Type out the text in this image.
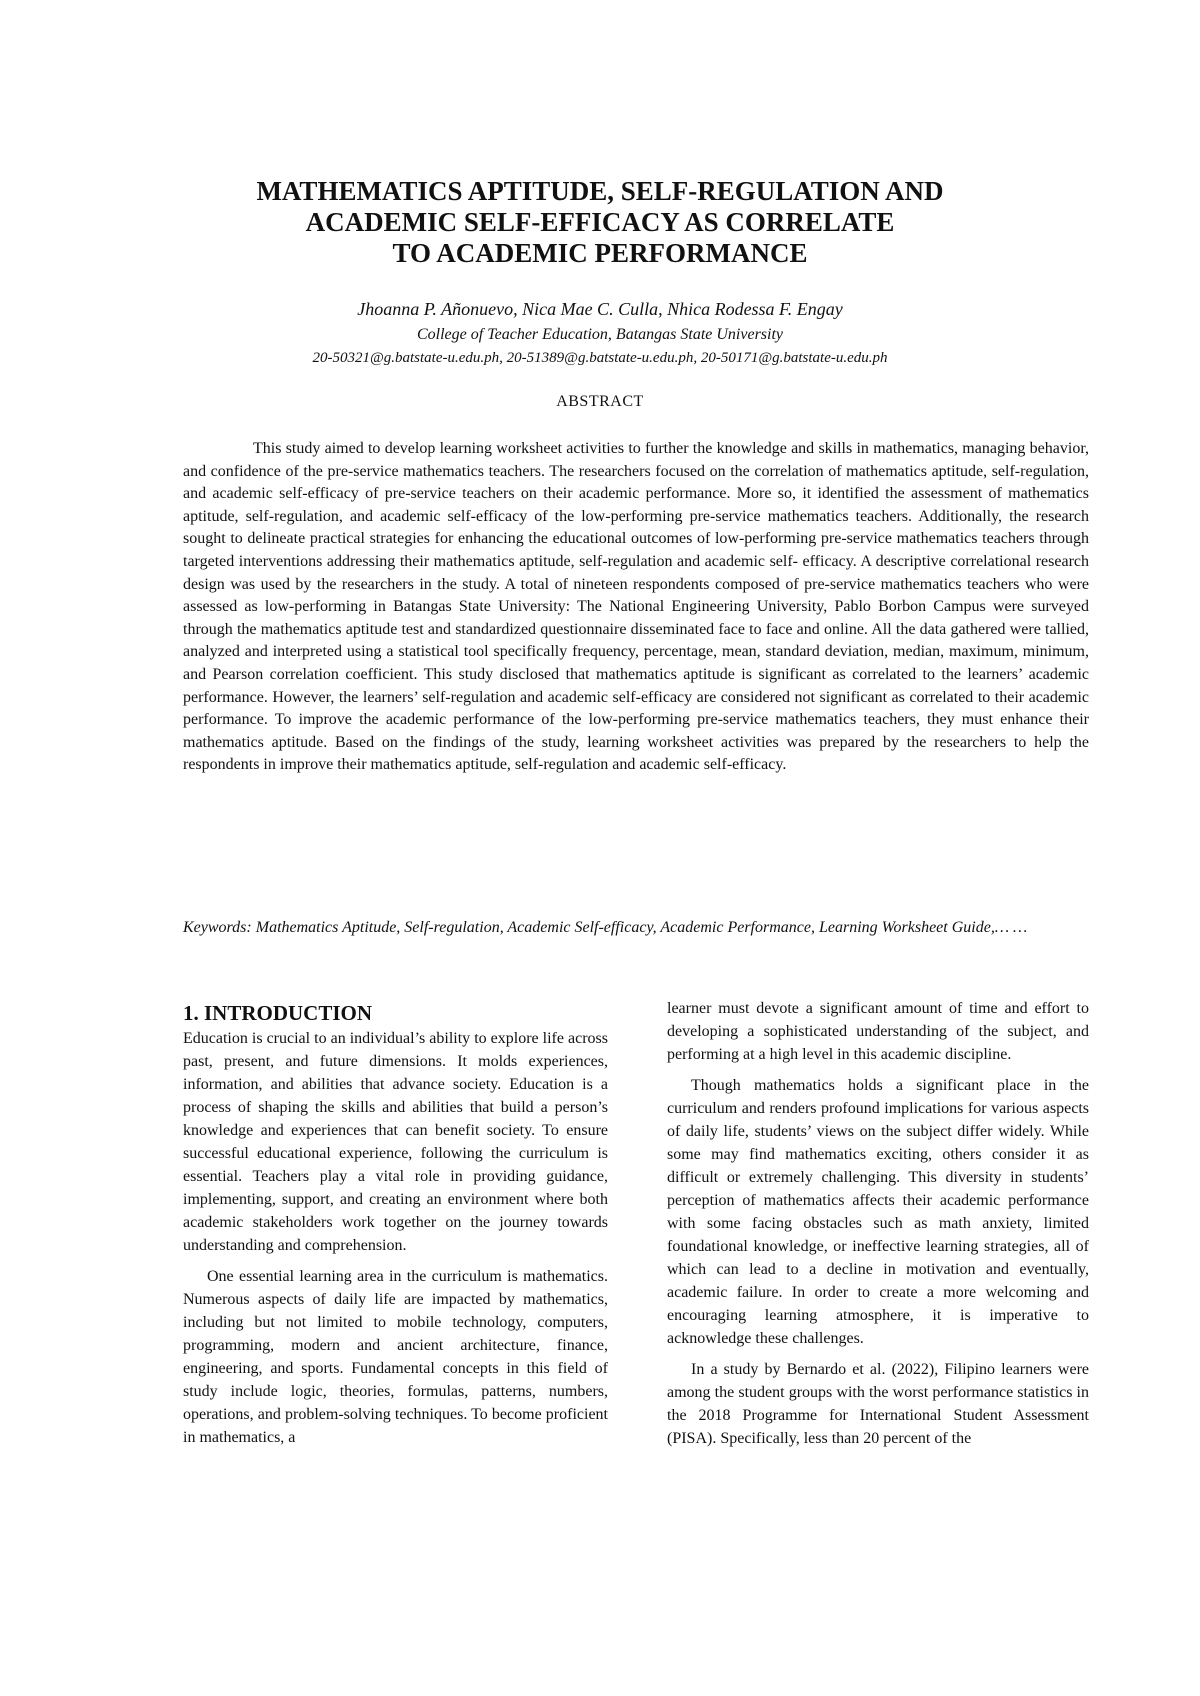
MATHEMATICS APTITUDE, SELF-REGULATION AND
ACADEMIC SELF-EFFICACY AS CORRELATE
TO ACADEMIC PERFORMANCE
Jhoanna P. Añonuevo, Nica Mae C. Culla, Nhica Rodessa F. Engay
College of Teacher Education, Batangas State University
20-50321@g.batstate-u.edu.ph, 20-51389@g.batstate-u.edu.ph, 20-50171@g.batstate-u.edu.ph
ABSTRACT

This study aimed to develop learning worksheet activities to further the knowledge and skills in mathematics, managing behavior, and confidence of the pre-service mathematics teachers. The researchers focused on the correlation of mathematics aptitude, self-regulation, and academic self-efficacy of pre-service teachers on their academic performance. More so, it identified the assessment of mathematics aptitude, self-regulation, and academic self-efficacy of the low-performing pre-service mathematics teachers. Additionally, the research sought to delineate practical strategies for enhancing the educational outcomes of low-performing pre-service mathematics teachers through targeted interventions addressing their mathematics aptitude, self-regulation and academic self- efficacy. A descriptive correlational research design was used by the researchers in the study. A total of nineteen respondents composed of pre-service mathematics teachers who were assessed as low-performing in Batangas State University: The National Engineering University, Pablo Borbon Campus were surveyed through the mathematics aptitude test and standardized questionnaire disseminated face to face and online. All the data gathered were tallied, analyzed and interpreted using a statistical tool specifically frequency, percentage, mean, standard deviation, median, maximum, minimum, and Pearson correlation coefficient. This study disclosed that mathematics aptitude is significant as correlated to the learners’ academic performance. However, the learners’ self-regulation and academic self-efficacy are considered not significant as correlated to their academic performance. To improve the academic performance of the low-performing pre-service mathematics teachers, they must enhance their mathematics aptitude. Based on the findings of the study, learning worksheet activities was prepared by the researchers to help the respondents in improve their mathematics aptitude, self-regulation and academic self-efficacy.

Keywords: Mathematics Aptitude, Self-regulation, Academic Self-efficacy, Academic Performance, Learning Worksheet Guide,… …

1. INTRODUCTION

Education is crucial to an individual’s ability to explore life across past, present, and future dimensions. It molds experiences, information, and abilities that advance society. Education is a process of shaping the skills and abilities that build a person’s knowledge and experiences that can benefit society. To ensure successful educational experience, following the curriculum is essential. Teachers play a vital role in providing guidance, implementing, support, and creating an environment where both academic stakeholders work together on the journey towards understanding and comprehension.

One essential learning area in the curriculum is mathematics. Numerous aspects of daily life are impacted by mathematics, including but not limited to mobile technology, computers, programming, modern and ancient architecture, finance, engineering, and sports. Fundamental concepts in this field of study include logic, theories, formulas, patterns, numbers, operations, and problem-solving techniques. To become proficient in mathematics, a

learner must devote a significant amount of time and effort to developing a sophisticated understanding of the subject, and performing at a high level in this academic discipline.

Though mathematics holds a significant place in the curriculum and renders profound implications for various aspects of daily life, students’ views on the subject differ widely. While some may find mathematics exciting, others consider it as difficult or extremely challenging. This diversity in students’ perception of mathematics affects their academic performance with some facing obstacles such as math anxiety, limited foundational knowledge, or ineffective learning strategies, all of which can lead to a decline in motivation and eventually, academic failure. In order to create a more welcoming and encouraging learning atmosphere, it is imperative to acknowledge these challenges.

In a study by Bernardo et al. (2022), Filipino learners were among the student groups with the worst performance statistics in the 2018 Programme for International Student Assessment (PISA). Specifically, less than 20 percent of the
